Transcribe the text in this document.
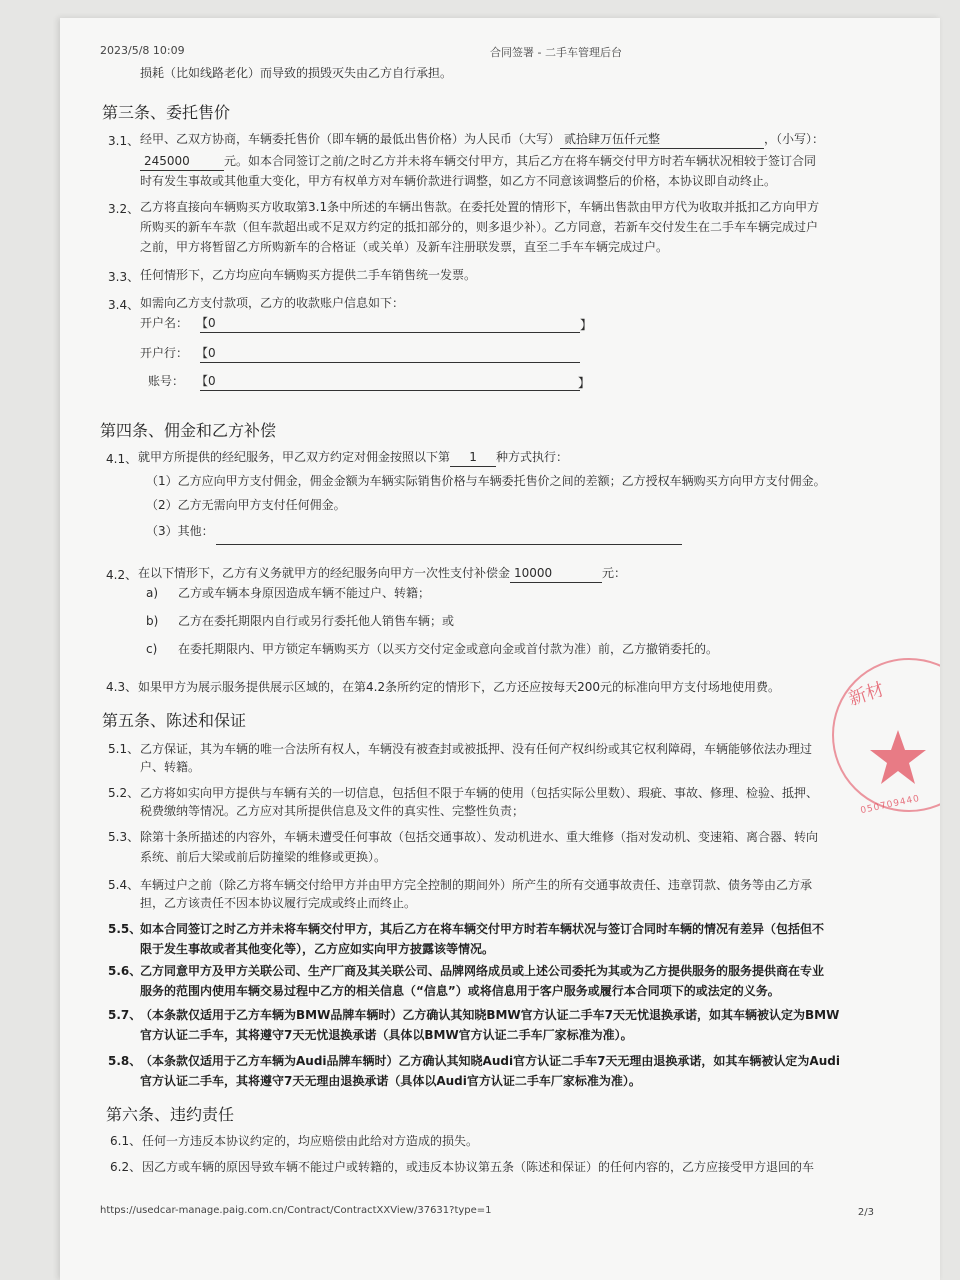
2023/5/8 10:09	合同签署 - 二手车管理后台
损耗（比如线路老化）而导致的损毁灭失由乙方自行承担。
第三条、委托售价
3.1、 经甲、乙双方协商，车辆委托售价（即车辆的最低出售价格）为人民币（大写） 贰拾肆万伍仟元整	，（小写）：
245000	元。如本合同签订之前/之时乙方并未将车辆交付甲方，其后乙方在将车辆交付甲方时若车辆状况相较于签订合同
时有发生事故或其他重大变化，甲方有权单方对车辆价款进行调整，如乙方不同意该调整后的价格，本协议即自动终止。
3.2、 乙方将直接向车辆购买方收取第3.1条中所述的车辆出售款。在委托处置的情形下，车辆出售款由甲方代为收取并抵扣乙方向甲方
所购买的新车车款（但车款超出或不足双方约定的抵扣部分的，则多退少补）。乙方同意，若新车交付发生在二手车车辆完成过户
之前，甲方将暂留乙方所购新车的合格证（或关单）及新车注册联发票，直至二手车车辆完成过户。
3.3、 任何情形下，乙方均应向车辆购买方提供二手车销售统一发票。
3.4、 如需向乙方支付款项，乙方的收款账户信息如下：
开户名： 【 0	】
开户行： 【 0
账号： 【 0	】
第四条、佣金和乙方补偿
4.1、 就甲方所提供的经纪服务，甲乙双方约定对佣金按照以下第 1 种方式执行：
（1）乙方应向甲方支付佣金，佣金金额为车辆实际销售价格与车辆委托售价之间的差额；乙方授权车辆购买方向甲方支付佣金。
（2）乙方无需向甲方支付任何佣金。
（3）其他：
4.2、 在以下情形下，乙方有义务就甲方的经纪服务向甲方一次性支付补偿金 10000	元：
a) 乙方或车辆本身原因造成车辆不能过户、转籍；
b) 乙方在委托期限内自行或另行委托他人销售车辆；或
c) 在委托期限内、甲方锁定车辆购买方（以买方交付定金或意向金或首付款为准）前，乙方撤销委托的。
4.3、 如果甲方为展示服务提供展示区域的，在第4.2条所约定的情形下，乙方还应按每天200元的标准向甲方支付场地使用费。
第五条、陈述和保证
5.1、 乙方保证，其为车辆的唯一合法所有权人，车辆没有被查封或被抵押、没有任何产权纠纷或其它权利障碍，车辆能够依法办理过
户、转籍。
5.2、 乙方将如实向甲方提供与车辆有关的一切信息，包括但不限于车辆的使用（包括实际公里数）、瑕疵、事故、修理、检验、抵押、
税费缴纳等情况。乙方应对其所提供信息及文件的真实性、完整性负责；
5.3、 除第十条所描述的内容外，车辆未遭受任何事故（包括交通事故）、发动机进水、重大维修（指对发动机、变速箱、离合器、转向
系统、前后大梁或前后防撞梁的维修或更换）。
5.4、 车辆过户之前（除乙方将车辆交付给甲方并由甲方完全控制的期间外）所产生的所有交通事故责任、违章罚款、债务等由乙方承
担，乙方该责任不因本协议履行完成或终止而终止。
5.5、
如本合同签订之时乙方并未将车辆交付甲方，其后乙方在将车辆交付甲方时若车辆状况与签订合同时车辆的情况有差异（包括但不
限于发生事故或者其他变化等），乙方应如实向甲方披露该等情况。
5.6、
乙方同意甲方及甲方关联公司、生产厂商及其关联公司、品牌网络成员或上述公司委托为其或为乙方提供服务的服务提供商在专业
服务的范围内使用车辆交易过程中乙方的相关信息（“信息”）或将信息用于客户服务或履行本合同项下的或法定的义务。
5.7、
（本条款仅适用于乙方车辆为BMW品牌车辆时）乙方确认其知晓BMW官方认证二手车7天无忧退换承诺，如其车辆被认定为BMW
官方认证二手车，其将遵守7天无忧退换承诺（具体以BMW官方认证二手车厂家标准为准）。
5.8、
（本条款仅适用于乙方车辆为Audi品牌车辆时）乙方确认其知晓Audi官方认证二手车7天无理由退换承诺，如其车辆被认定为Audi
官方认证二手车，其将遵守7天无理由退换承诺（具体以Audi官方认证二手车厂家标准为准）。
第六条、违约责任
6.1、 任何一方违反本协议约定的，均应赔偿由此给对方造成的损失。
6.2、 因乙方或车辆的原因导致车辆不能过户或转籍的，或违反本协议第五条（陈述和保证）的任何内容的，乙方应接受甲方退回的车
新材
050709440
https://usedcar-manage.paig.com.cn/Contract/ContractXXView/37631?type=1	2/3
